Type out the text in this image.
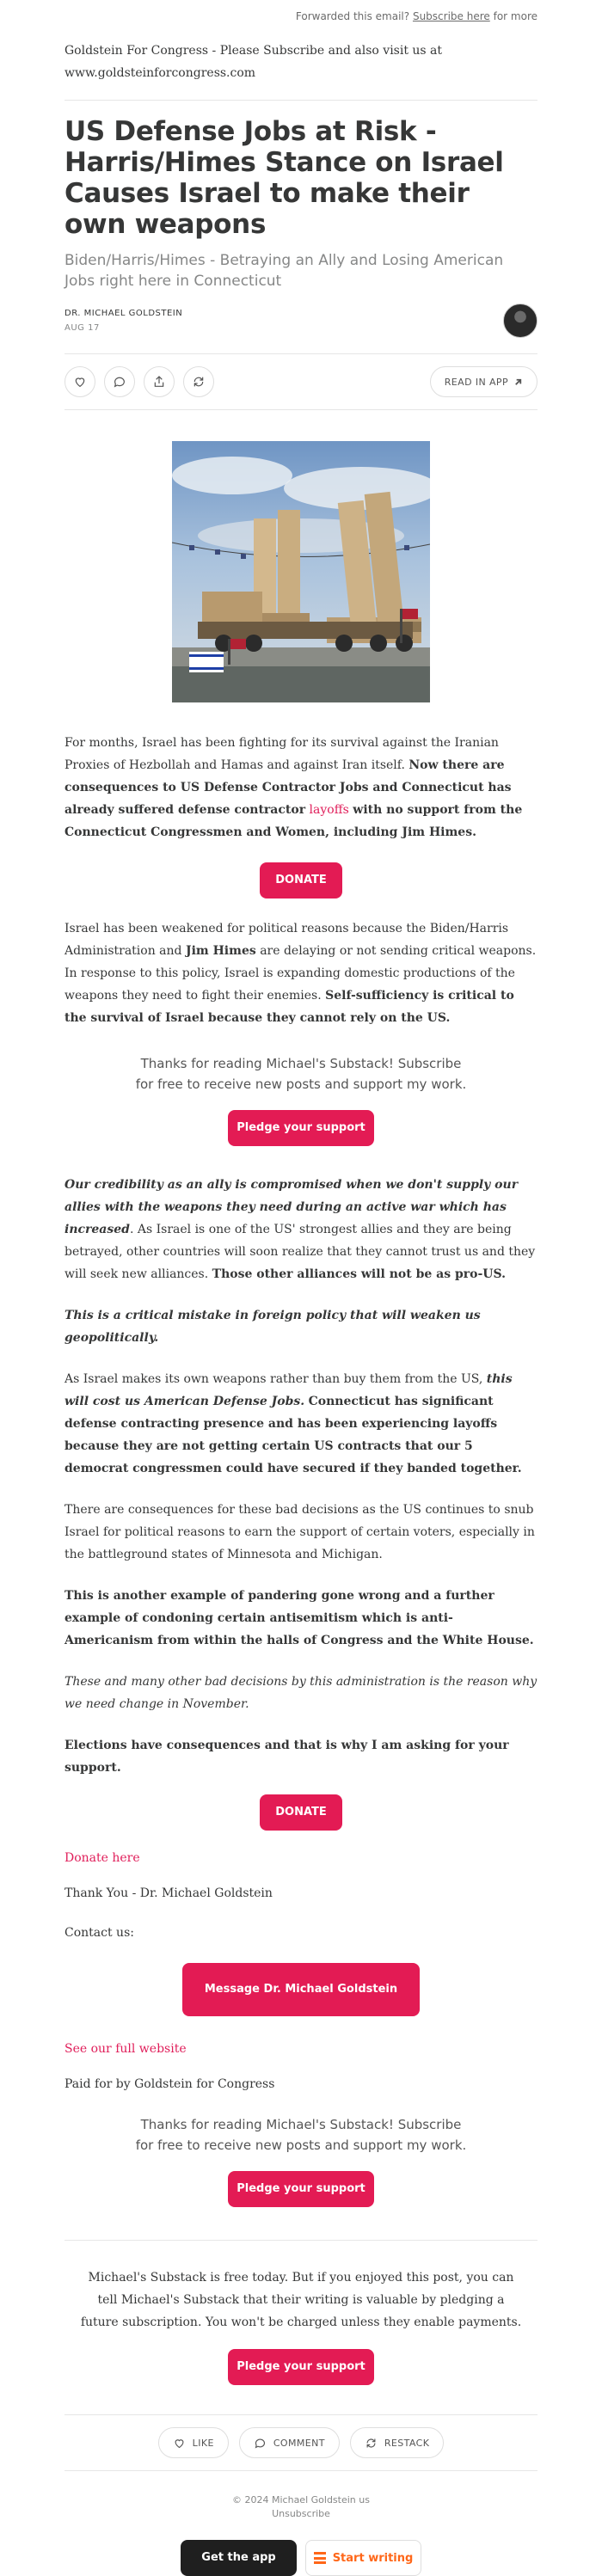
Forwarded this email? Subscribe here for more
Goldstein For Congress - Please Subscribe and also visit us at www.goldsteinforcongress.com
US Defense Jobs at Risk - Harris/Himes Stance on Israel Causes Israel to make their own weapons
Biden/Harris/Himes - Betraying an Ally and Losing American Jobs right here in Connecticut
DR. MICHAEL GOLDSTEIN
AUG 17
READ IN APP
For months, Israel has been fighting for its survival against the Iranian Proxies of Hezbollah and Hamas and against Iran itself. Now there are consequences to US Defense Contractor Jobs and Connecticut has already suffered defense contractor layoffs with no support from the Connecticut Congressmen and Women, including Jim Himes.
DONATE
Israel has been weakened for political reasons because the Biden/Harris Administration and Jim Himes are delaying or not sending critical weapons. In response to this policy, Israel is expanding domestic productions of the weapons they need to fight their enemies. Self-sufficiency is critical to the survival of Israel because they cannot rely on the US.
Thanks for reading Michael's Substack! Subscribe for free to receive new posts and support my work.
Pledge your support
Our credibility as an ally is compromised when we don't supply our allies with the weapons they need during an active war which has increased. As Israel is one of the US' strongest allies and they are being betrayed, other countries will soon realize that they cannot trust us and they will seek new alliances. Those other alliances will not be as pro-US.
This is a critical mistake in foreign policy that will weaken us geopolitically.
As Israel makes its own weapons rather than buy them from the US, this will cost us American Defense Jobs. Connecticut has significant defense contracting presence and has been experiencing layoffs because they are not getting certain US contracts that our 5 democrat congressmen could have secured if they banded together.
There are consequences for these bad decisions as the US continues to snub Israel for political reasons to earn the support of certain voters, especially in the battleground states of Minnesota and Michigan.
This is another example of pandering gone wrong and a further example of condoning certain antisemitism which is anti-Americanism from within the halls of Congress and the White House.
These and many other bad decisions by this administration is the reason why we need change in November.
Elections have consequences and that is why I am asking for your support.
DONATE
Donate here
Thank You - Dr. Michael Goldstein
Contact us:
Message Dr. Michael Goldstein
See our full website
Paid for by Goldstein for Congress
Thanks for reading Michael's Substack! Subscribe for free to receive new posts and support my work.
Pledge your support
Michael's Substack is free today. But if you enjoyed this post, you can tell Michael's Substack that their writing is valuable by pledging a future subscription. You won't be charged unless they enable payments.
Pledge your support
LIKE	COMMENT	RESTACK
© 2024 Michael Goldstein us
Unsubscribe
Get the app	Start writing
